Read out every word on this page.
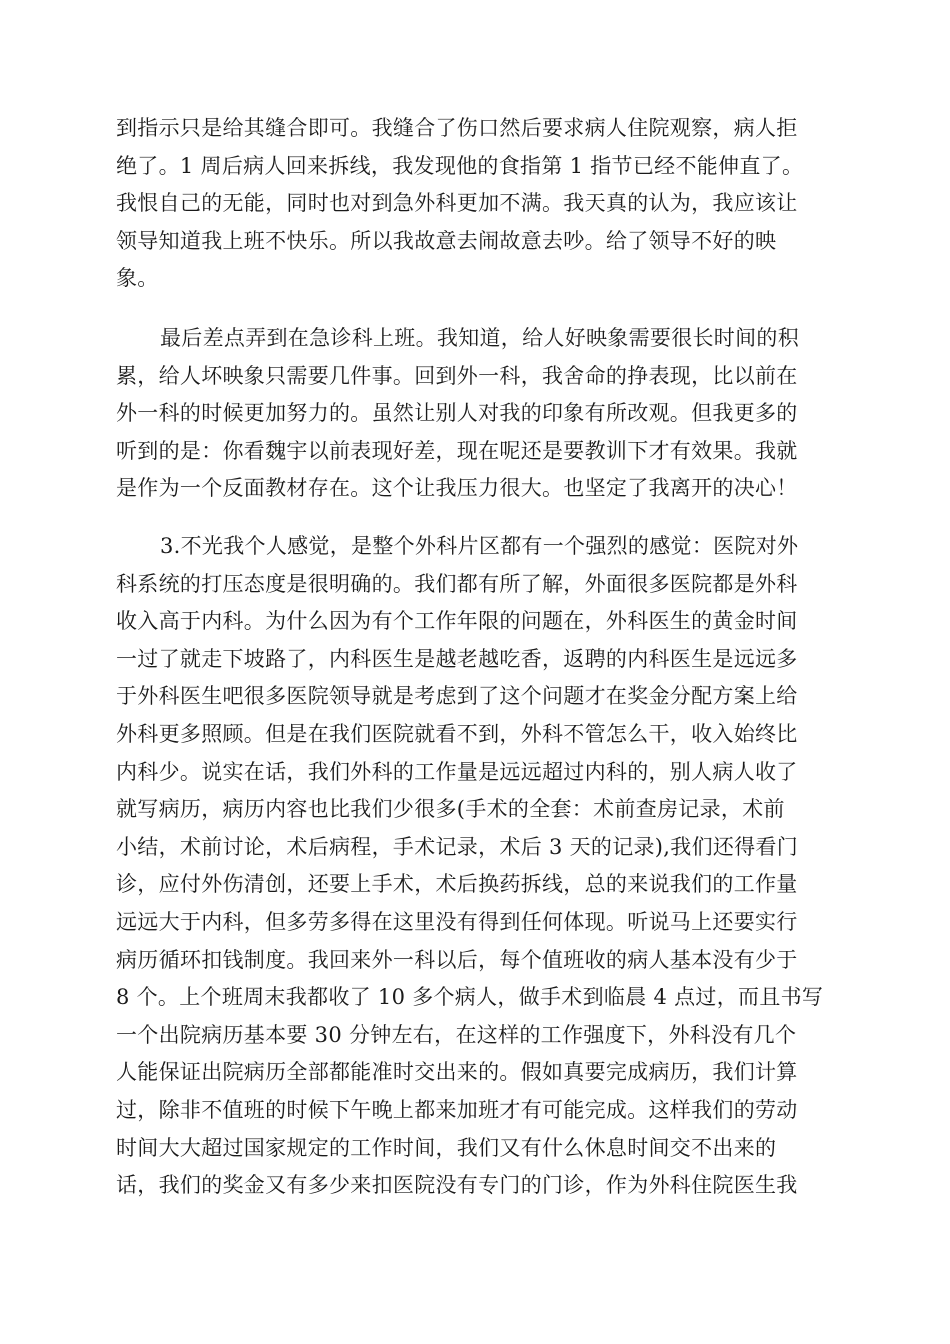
到指示只是给其缝合即可。我缝合了伤口然后要求病人住院观察，病人拒
绝了。1 周后病人回来拆线，我发现他的食指第 1 指节已经不能伸直了。
我恨自己的无能，同时也对到急外科更加不满。我天真的认为，我应该让
领导知道我上班不快乐。所以我故意去闹故意去吵。给了领导不好的映
象。
最后差点弄到在急诊科上班。我知道，给人好映象需要很长时间的积
累，给人坏映象只需要几件事。回到外一科，我舍命的挣表现，比以前在
外一科的时候更加努力的。虽然让别人对我的印象有所改观。但我更多的
听到的是：你看魏宇以前表现好差，现在呢还是要教训下才有效果。我就
是作为一个反面教材存在。这个让我压力很大。也坚定了我离开的决心！
3.不光我个人感觉，是整个外科片区都有一个强烈的感觉：医院对外
科系统的打压态度是很明确的。我们都有所了解，外面很多医院都是外科
收入高于内科。为什么因为有个工作年限的问题在，外科医生的黄金时间
一过了就走下坡路了，内科医生是越老越吃香，返聘的内科医生是远远多
于外科医生吧很多医院领导就是考虑到了这个问题才在奖金分配方案上给
外科更多照顾。但是在我们医院就看不到，外科不管怎么干，收入始终比
内科少。说实在话，我们外科的工作量是远远超过内科的，别人病人收了
就写病历，病历内容也比我们少很多(手术的全套：术前查房记录，术前
小结，术前讨论，术后病程，手术记录，术后 3 天的记录),我们还得看门
诊，应付外伤清创，还要上手术，术后换药拆线，总的来说我们的工作量
远远大于内科，但多劳多得在这里没有得到任何体现。听说马上还要实行
病历循环扣钱制度。我回来外一科以后，每个值班收的病人基本没有少于
8 个。上个班周末我都收了 10 多个病人，做手术到临晨 4 点过，而且书写
一个出院病历基本要 30 分钟左右，在这样的工作强度下，外科没有几个
人能保证出院病历全部都能准时交出来的。假如真要完成病历，我们计算
过，除非不值班的时候下午晚上都来加班才有可能完成。这样我们的劳动
时间大大超过国家规定的工作时间，我们又有什么休息时间交不出来的
话，我们的奖金又有多少来扣医院没有专门的门诊，作为外科住院医生我
